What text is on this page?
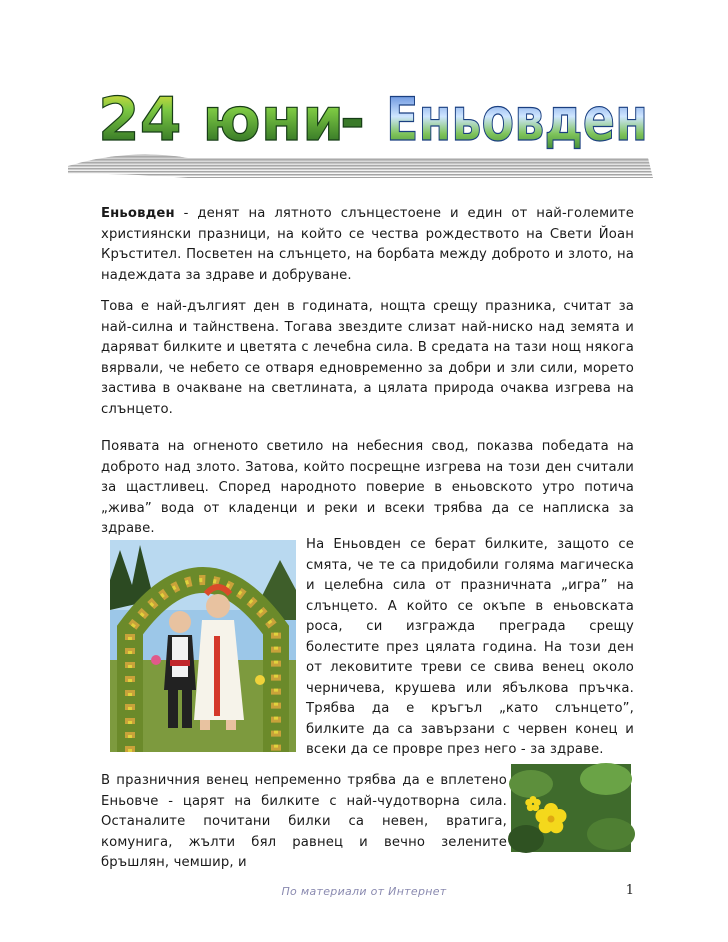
24 юни
- Еньовден
Еньовден - денят на лятното слънцестоене и един от най-големите християнски празници, на който се чества рождеството на Свети Йоан Кръстител. Посветен на слънцето, на борбата между доброто и злото, на надеждата за здраве и добруване.
Това е най-дългият ден в годината, нощта срещу празника, считат за най-силна и тайнствена. Тогава звездите слизат най-ниско над земята и даряват билките и цветята с лечебна сила. В средата на тази нощ някога вярвали, че небето се отваря едновременно за добри и зли сили, морето застива в очакване на светлината, а цялата природа очаква изгрева на слънцето.
Появата на огненото светило на небесния свод, показва победата на доброто над злото. Затова, който посрещне изгрева на този ден считали за щастливец. Според народното поверие в еньовското утро потича „жива” вода от кладенци и реки и всеки трябва да се наплиска за здраве.
На Еньовден се берат билките, защото се смята, че те са придобили голяма магическа и целебна сила от празничната „игра” на слънцето. А който се окъпе в еньовската роса, си изгражда преграда срещу болестите през цялата година. На този ден от лековитите треви се свива венец около черничева, крушева или ябълкова пръчка. Трябва да е кръгъл „като слънцето”, билките да са завързани с червен конец и всеки да се провре през него - за здраве.
В празничния венец непременно трябва да е вплетено Еньовче - царят на билките с най-чудотворна сила. Останалите почитани билки са невен, вратига, комунига, жълти бял равнец и вечно зелените бръшлян, чемшир, и
По материали от Интернет	1
